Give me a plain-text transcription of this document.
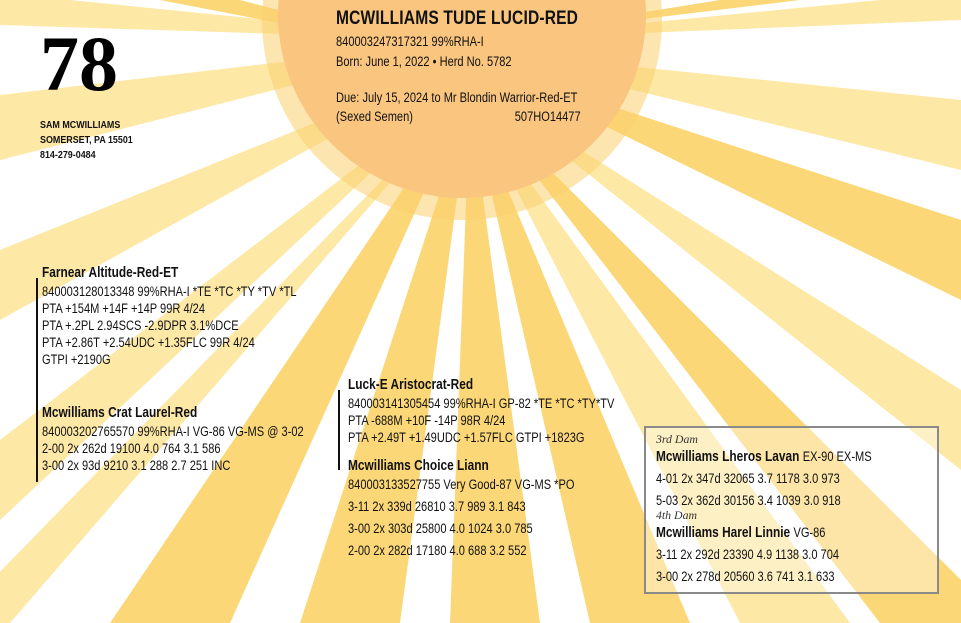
78
SAM MCWILLIAMS
SOMERSET, PA 15501
814-279-0484
MCWILLIAMS TUDE LUCID-RED
840003247317321 99%RHA-I
Born: June 1, 2022 • Herd No. 5782
Due: July 15, 2024 to Mr Blondin Warrior-Red-ET
(Sexed Semen)	507HO14477
Farnear Altitude-Red-ET
840003128013348 99%RHA-I *TE *TC *TY *TV *TL
PTA +154M +14F +14P 99R 4/24
PTA +.2PL 2.94SCS -2.9DPR 3.1%DCE
PTA +2.86T +2.54UDC +1.35FLC 99R 4/24
GTPI +2190G
Mcwilliams Crat Laurel-Red
840003202765570 99%RHA-I VG-86 VG-MS @ 3-02
2-00 2x 262d 19100 4.0 764 3.1 586
3-00 2x 93d 9210 3.1 288 2.7 251 INC
Luck-E Aristocrat-Red
840003141305454 99%RHA-I GP-82 *TE *TC *TY*TV
PTA -688M +10F -14P 98R 4/24
PTA +2.49T +1.49UDC +1.57FLC GTPI +1823G
Mcwilliams Choice Liann
840003133527755 Very Good-87 VG-MS *PO
3-11 2x 339d 26810 3.7 989 3.1 843
3-00 2x 303d 25800 4.0 1024 3.0 785
2-00 2x 282d 17180 4.0 688 3.2 552
3rd Dam
Mcwilliams Lheros Lavan EX-90 EX-MS
4-01 2x 347d 32065 3.7 1178 3.0 973
5-03 2x 362d 30156 3.4 1039 3.0 918
4th Dam
Mcwilliams Harel Linnie VG-86
3-11 2x 292d 23390 4.9 1138 3.0 704
3-00 2x 278d 20560 3.6 741 3.1 633
